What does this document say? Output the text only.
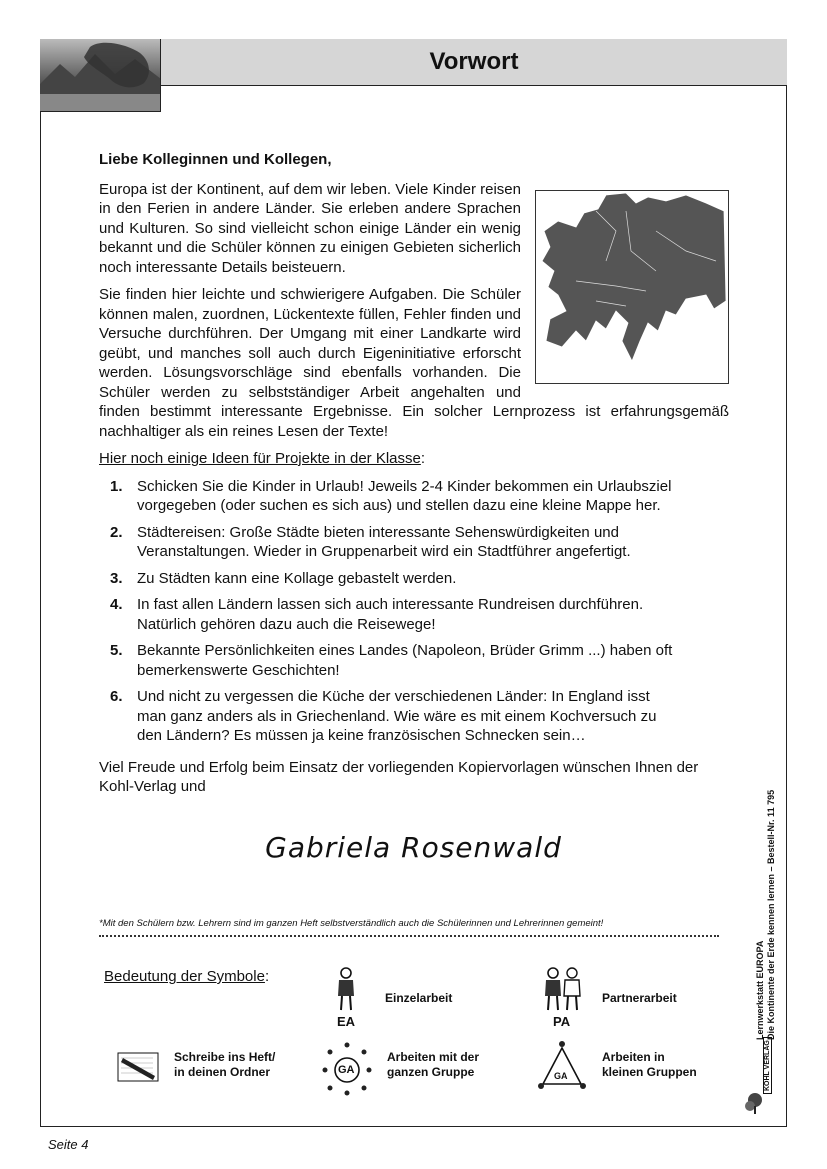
Vorwort
Liebe Kolleginnen und Kollegen,

Europa ist der Kontinent, auf dem wir leben. Viele Kinder reisen in den Ferien in andere Länder. Sie erleben andere Sprachen und Kulturen. So sind vielleicht schon einige Länder ein wenig bekannt und die Schüler können zu einigen Gebieten sicherlich noch interessante Details beisteuern.

Sie finden hier leichte und schwierigere Aufgaben. Die Schüler können malen, zuordnen, Lückentexte füllen, Fehler finden und Versuche durchführen. Der Umgang mit einer Landkarte wird geübt, und manches soll auch durch Eigeninitiative erforscht werden. Lösungsvorschläge sind ebenfalls vorhanden. Die Schüler werden zu selbstständiger Arbeit angehalten und finden bestimmt interessante Ergebnisse. Ein solcher Lernprozess ist erfahrungsgemäß nachhaltiger als ein reines Lesen der Texte!

Hier noch einige Ideen für Projekte in der Klasse:
1. Schicken Sie die Kinder in Urlaub! Jeweils 2-4 Kinder bekommen ein Urlaubsziel vorgegeben (oder suchen es sich aus) und stellen dazu eine kleine Mappe her.
2. Städtereisen: Große Städte bieten interessante Sehenswürdigkeiten und Veranstaltungen. Wieder in Gruppenarbeit wird ein Stadtführer angefertigt.
3. Zu Städten kann eine Kollage gebastelt werden.
4. In fast allen Ländern lassen sich auch interessante Rundreisen durchführen. Natürlich gehören dazu auch die Reisewege!
5. Bekannte Persönlichkeiten eines Landes (Napoleon, Brüder Grimm ...) haben oft bemerkenswerte Geschichten!
6. Und nicht zu vergessen die Küche der verschiedenen Länder: In England isst man ganz anders als in Griechenland. Wie wäre es mit einem Kochversuch zu den Ländern? Es müssen ja keine französischen Schnecken sein…

Viel Freude und Erfolg beim Einsatz der vorliegenden Kopiervorlagen wünschen Ihnen der Kohl-Verlag und

Gabriela Rosenwald
*Mit den Schülern bzw. Lehrern sind im ganzen Heft selbstverständlich auch die Schülerinnen und Lehrerinnen gemeint!
Bedeutung der Symbole:
EA
Einzelarbeit
PA
Partnerarbeit
Schreibe ins Heft/
in deinen Ordner	GA
Arbeiten mit der
ganzen Gruppe	GA
Arbeiten in
kleinen Gruppen
Lernwerkstatt EUROPA Die Kontinente der Erde kennen lernen – Bestell-Nr. 11 795
KOHL VERLAG
Seite 4
